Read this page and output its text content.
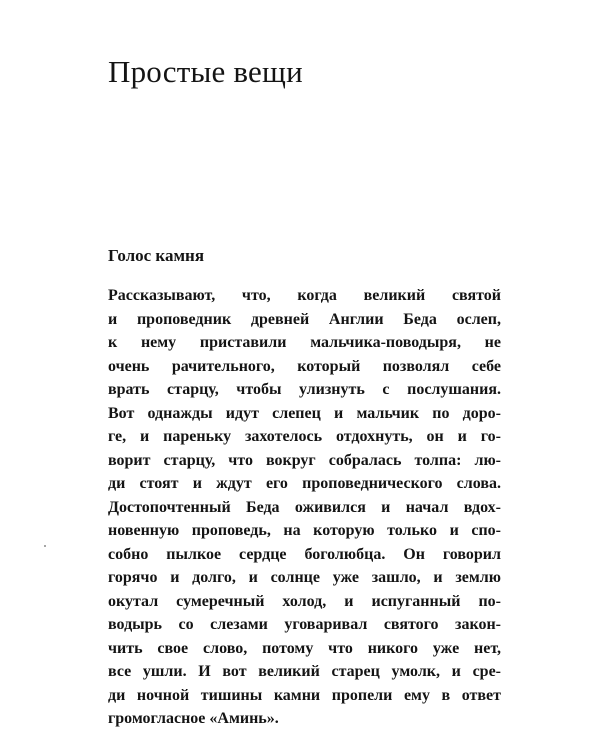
Простые вещи
Голос камня
Рассказывают, что, когда великий святой
и проповедник древней Англии Беда ослеп,
к нему приставили мальчика-поводыря, не
очень рачительного, который позволял себе
врать старцу, чтобы улизнуть с послушания.
Вот однажды идут слепец и мальчик по доро-
ге, и пареньку захотелось отдохнуть, он и го-
ворит старцу, что вокруг собралась толпа: лю-
ди стоят и ждут его проповеднического слова.
Достопочтенный Беда оживился и начал вдох-
новенную проповедь, на которую только и спо-
собно пылкое сердце боголюбца. Он говорил
горячо и долго, и солнце уже зашло, и землю
окутал сумеречный холод, и испуганный по-
водырь со слезами уговаривал святого закон-
чить свое слово, потому что никого уже нет,
все ушли. И вот великий старец умолк, и сре-
ди ночной тишины камни пропели ему в ответ
громогласное «Аминь».
